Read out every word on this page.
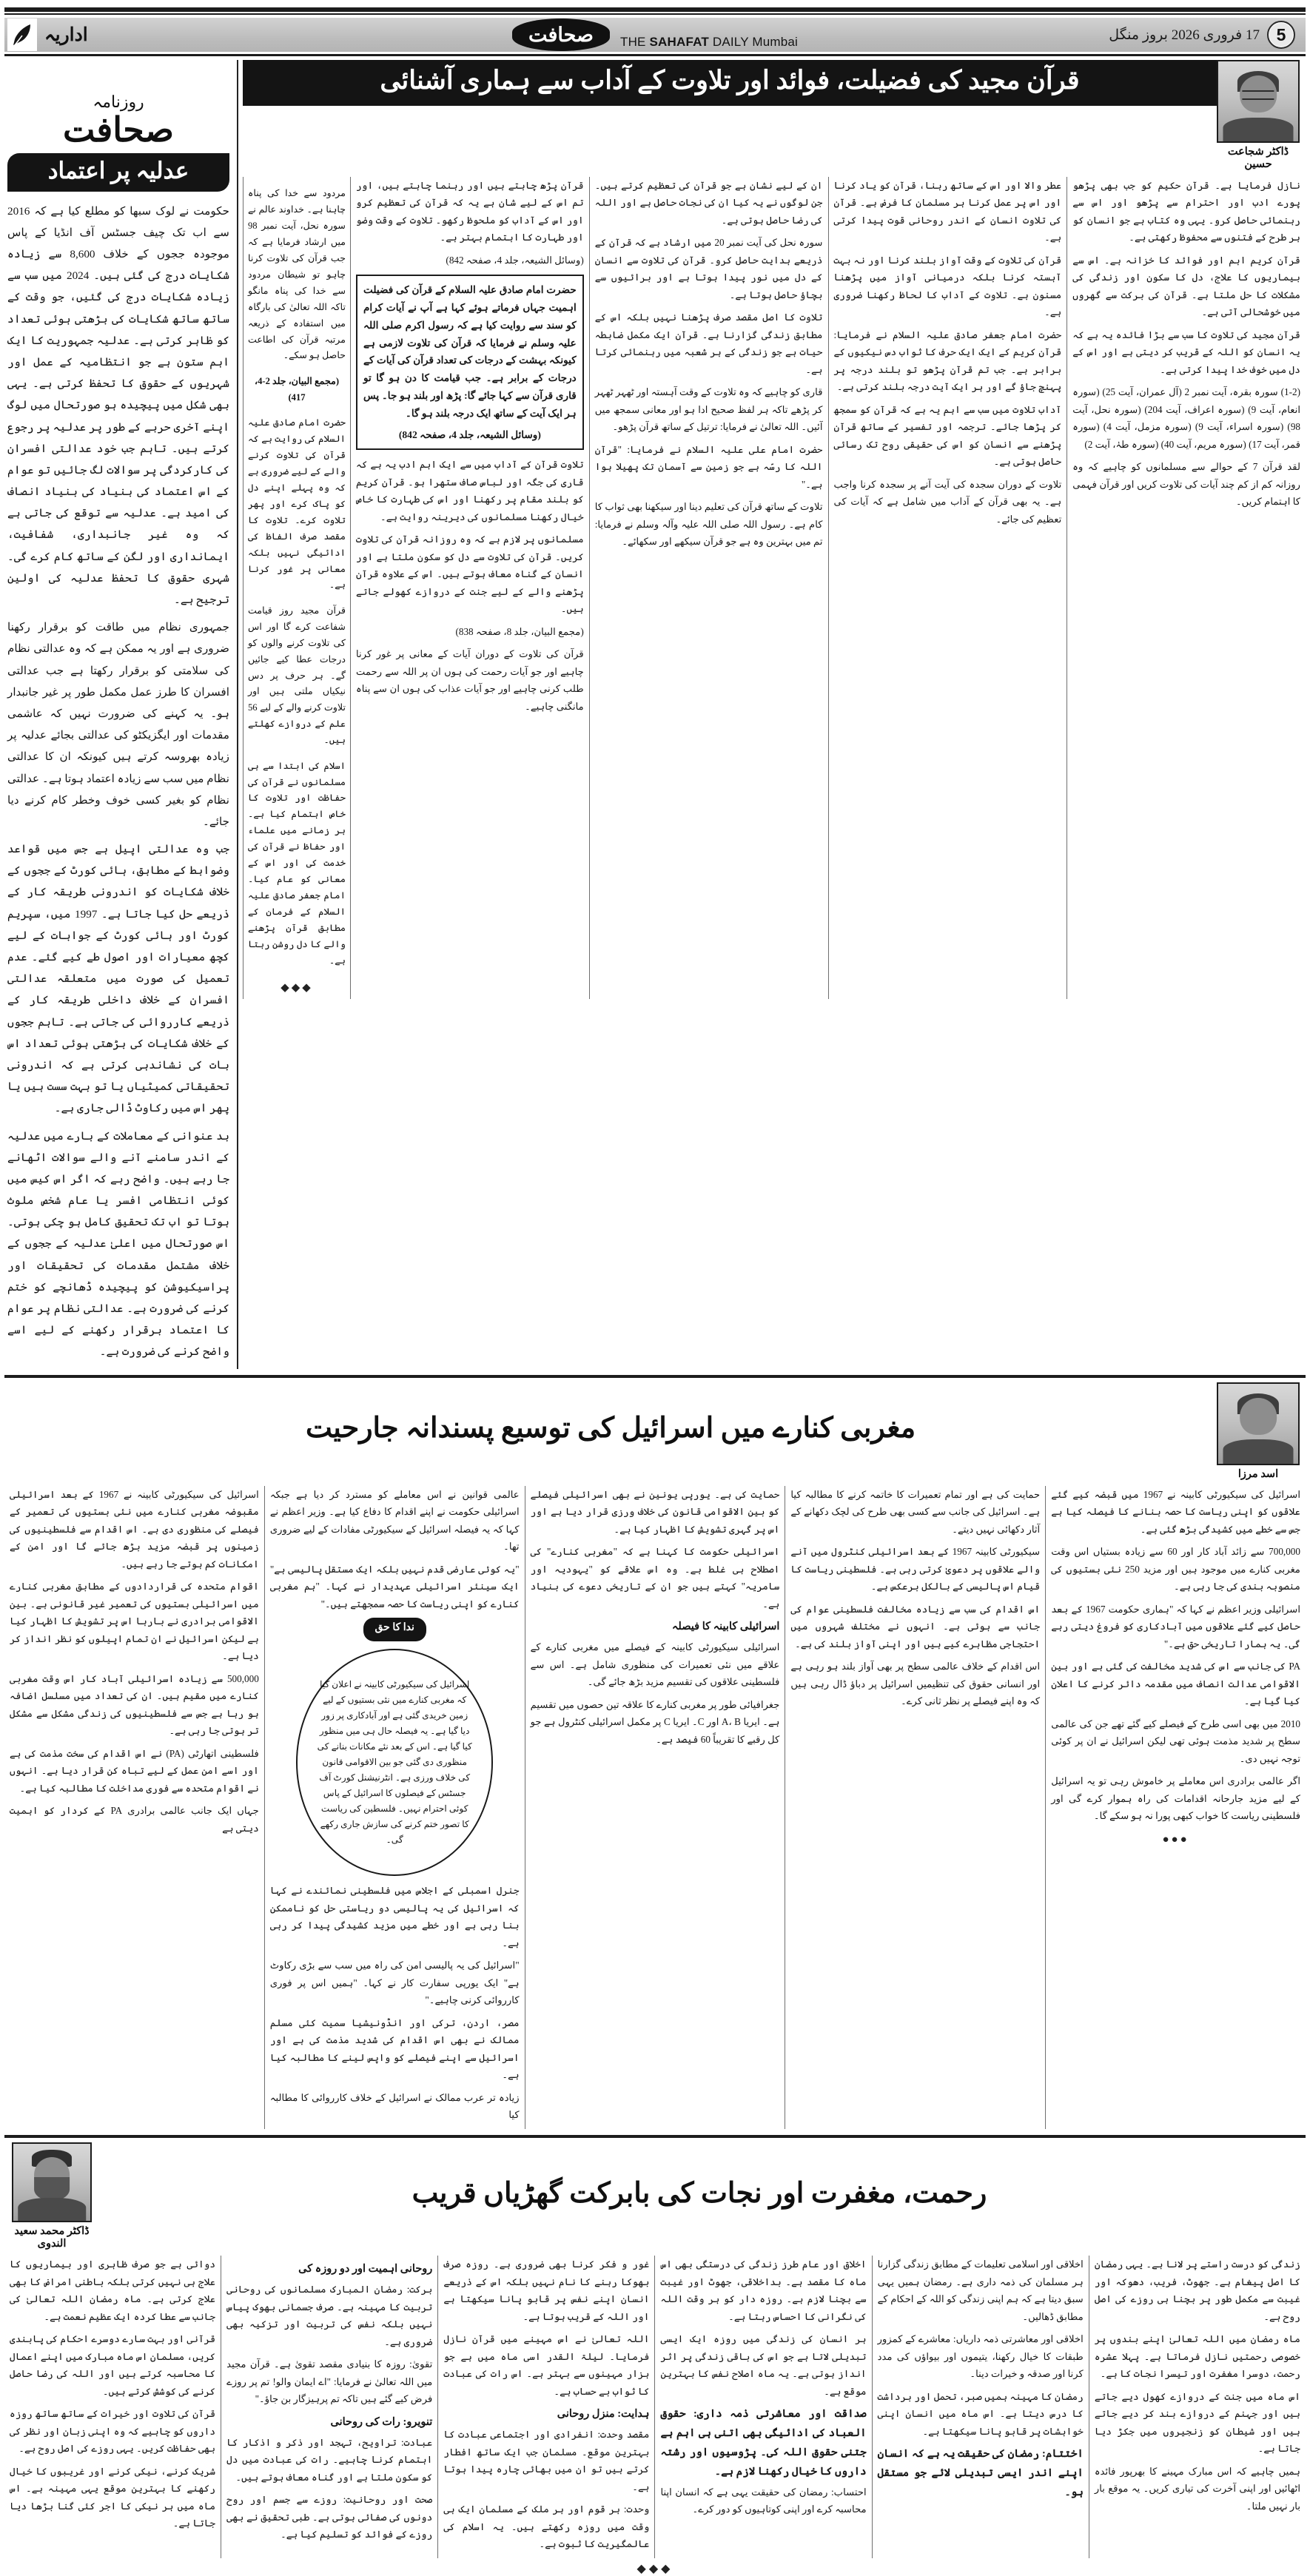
5
17 فروری 2026 بروز منگل
THE SAHAFAT DAILY Mumbai
صحافت
اداریہ
ڈاکٹر شجاعت حسین
قرآن مجید کی فضیلت، فوائد اور تلاوت کے آداب سے ہماری آشنائی

نازل فرمایا ہے۔ قرآن حکیم کو جب بھی پڑھو پورے ادب اور احترام سے پڑھو اور اس سے رہنمائی حاصل کرو۔ یہی وہ کتاب ہے جو انسان کو ہر طرح کے فتنوں سے محفوظ رکھتی ہے۔

قرآن کریم اہم اور فوائد کا خزانہ ہے۔ اس سے بیماریوں کا علاج، دل کا سکون اور زندگی کی مشکلات کا حل ملتا ہے۔ قرآن کی برکت سے گھروں میں خوشحالی آتی ہے۔

قرآن مجید کی تلاوت کا سب سے بڑا فائدہ یہ ہے کہ یہ انسان کو اللہ کے قریب کر دیتی ہے اور اس کے دل میں خوف خدا پیدا کرتی ہے۔

(1-2) سورہ بقرہ، آیت نمبر 2 (آل عمران، آیت 25) (سورہ انعام، آیت 9) (سورہ اعراف، آیت 204) (سورہ نحل، آیت 98) (سورہ اسراء، آیت 9) (سورہ مزمل، آیت 4) (سورہ قمر، آیت 17) (سورہ مریم، آیت 40) (سورہ طہٰ، آیت 2)

لقد قرآن 7 کے حوالے سے مسلمانوں کو چاہیے کہ وہ روزانہ کم از کم چند آیات کی تلاوت کریں اور قرآن فہمی کا اہتمام کریں۔

عطر والا اور اس کے ساتھ رہنا، قرآن کو یاد کرنا اور اس پر عمل کرنا ہر مسلمان کا فرض ہے۔ قرآن کی تلاوت انسان کے اندر روحانی قوت پیدا کرتی ہے۔

قرآن کی تلاوت کے وقت آواز بلند کرنا اور نہ بہت آہستہ کرنا بلکہ درمیانی آواز میں پڑھنا مسنون ہے۔ تلاوت کے آداب کا لحاظ رکھنا ضروری ہے۔

حضرت امام جعفر صادق علیہ السلام نے فرمایا: قرآن کریم کے ایک ایک حرف کا ثواب دس نیکیوں کے برابر ہے۔ جب تم قرآن پڑھو تو بلند درجہ پر پہنچ جاؤ گے اور ہر ایک آیت درجہ بلند کرتی ہے۔

آداب تلاوت میں سب سے اہم یہ ہے کہ قرآن کو سمجھ کر پڑھا جائے۔ ترجمہ اور تفسیر کے ساتھ قرآن پڑھنے سے انسان کو اس کی حقیقی روح تک رسائی حاصل ہوتی ہے۔

تلاوت کے دوران سجدہ کی آیت آنے پر سجدہ کرنا واجب ہے۔ یہ بھی قرآن کے آداب میں شامل ہے کہ آیات کی تعظیم کی جائے۔

ان کے لیے نشان ہے جو قرآن کی تعظیم کرتے ہیں۔ جن لوگوں نے یہ کیا ان کی نجات حاصل ہے اور اللہ کی رضا حاصل ہوتی ہے۔

سورہ نحل کی آیت نمبر 20 میں ارشاد ہے کہ قرآن کے ذریعے ہدایت حاصل کرو۔ قرآن کی تلاوت سے انسان کے دل میں نور پیدا ہوتا ہے اور برائیوں سے بچاؤ حاصل ہوتا ہے۔

تلاوت کا اصل مقصد صرف پڑھنا نہیں بلکہ اس کے مطابق زندگی گزارنا ہے۔ قرآن ایک مکمل ضابطہ حیات ہے جو زندگی کے ہر شعبہ میں رہنمائی کرتا ہے۔

قاری کو چاہیے کہ وہ تلاوت کے وقت آہستہ اور ٹھہر ٹھہر کر پڑھے تاکہ ہر لفظ صحیح ادا ہو اور معانی سمجھ میں آئیں۔ اللہ تعالیٰ نے فرمایا: ترتیل کے ساتھ قرآن پڑھو۔

حضرت امام علی علیہ السلام نے فرمایا: "قرآن اللہ کا رسّہ ہے جو زمین سے آسمان تک پھیلا ہوا ہے۔"

تلاوت کے ساتھ قرآن کی تعلیم دینا اور سیکھنا بھی ثواب کا کام ہے۔ رسول اللہ صلی اللہ علیہ وآلہ وسلم نے فرمایا: تم میں بہترین وہ ہے جو قرآن سیکھے اور سکھائے۔

قرآن پڑھ چاہتے ہیں اور رہنما چاہتے ہیں، اور تم اس کے لیے شان ہے یہ کہ قرآن کی تعظیم کرو اور اس کے آداب کو ملحوظ رکھو۔ تلاوت کے وقت وضو اور طہارت کا اہتمام بہتر ہے۔

(وسائل الشیعہ، جلد 4، صفحہ 842)

حضرت امام صادق علیہ السلام کے قرآن کی فضیلت اہمیت جہاں فرماتے ہوئے کہا ہے آپ نے آیات کرام کو سند سے روایت کیا ہے کہ رسول اکرم صلی اللہ علیہ وسلم نے فرمایا کہ قرآن کی تلاوت لازمی ہے کیونکہ بہشت کے درجات کی تعداد قرآن کی آیات کے درجات کے برابر ہے۔ جب قیامت کا دن ہو گا تو قاری قرآن سے کہا جائے گا: پڑھ اور بلند ہو جا۔ پس ہر ایک آیت کے ساتھ ایک درجہ بلند ہو گا۔
(وسائل الشیعہ، جلد 4، صفحہ 842)

تلاوت قرآن کے آداب میں سے ایک اہم ادب یہ ہے کہ قاری کی جگہ اور لباس صاف ستھرا ہو۔ قرآن کریم کو بلند مقام پر رکھنا اور اس کی طہارت کا خاص خیال رکھنا مسلمانوں کی دیرینہ روایت ہے۔

مسلمانوں پر لازم ہے کہ وہ روزانہ قرآن کی تلاوت کریں۔ قرآن کی تلاوت سے دل کو سکون ملتا ہے اور انسان کے گناہ معاف ہوتے ہیں۔ اس کے علاوہ قرآن پڑھنے والے کے لیے جنت کے دروازے کھولے جاتے ہیں۔

(مجمع البیان، جلد 8، صفحہ 838)

قرآن کی تلاوت کے دوران آیات کے معانی پر غور کرنا چاہیے اور جو آیات رحمت کی ہوں ان پر اللہ سے رحمت طلب کرنی چاہیے اور جو آیات عذاب کی ہوں ان سے پناہ مانگنی چاہیے۔

مردود سے خدا کی پناہ چاہنا ہے۔ خداوند عالم نے سورہ نحل، آیت نمبر 98 میں ارشاد فرمایا ہے کہ جب قرآن کی تلاوت کرنا چاہو تو شیطان مردود سے خدا کی پناہ مانگو تاکہ اللہ تعالیٰ کی بارگاہ میں استفادہ کے ذریعہ مرتبہ قرآن کی اطاعت حاصل ہو سکے۔

(مجمع البیان، جلد 2-4، 417)

حضرت امام صادق علیہ السلام کی روایت ہے کہ قرآن کی تلاوت کرنے والے کے لیے ضروری ہے کہ وہ پہلے اپنے دل کو پاک کرے اور پھر تلاوت کرے۔ تلاوت کا مقصد صرف الفاظ کی ادائیگی نہیں بلکہ معانی پر غور کرنا ہے۔

قرآن مجید روز قیامت شفاعت کرے گا اور اس کی تلاوت کرنے والوں کو درجات عطا کیے جائیں گے۔ ہر حرف پر دس نیکیاں ملتی ہیں اور تلاوت کرنے والے کے لیے 56 علم کے دروازے کھلتے ہیں۔

اسلام کی ابتدا سے ہی مسلمانوں نے قرآن کی حفاظت اور تلاوت کا خاص اہتمام کیا ہے۔ ہر زمانے میں علماء اور حفاظ نے قرآن کی خدمت کی اور اس کے معانی کو عام کیا۔ امام جعفر صادق علیہ السلام کے فرمان کے مطابق قرآن پڑھنے والے کا دل روشن رہتا ہے۔

◆◆◆
روزنامہ
صحافت
عدلیہ پر اعتماد

حکومت نے لوک سبھا کو مطلع کیا ہے کہ 2016 سے اب تک چیف جسٹس آف انڈیا کے پاس موجودہ ججوں کے خلاف 8,600 سے زیادہ شکایات درج کی گئی ہیں۔ 2024 میں سب سے زیادہ شکایات درج کی گئیں، جو وقت کے ساتھ ساتھ شکایات کی بڑھتی ہوئی تعداد کو ظاہر کرتی ہے۔ عدلیہ جمہوریت کا ایک اہم ستون ہے جو انتظامیہ کے عمل اور شہریوں کے حقوق کا تحفظ کرتی ہے۔ یہی بھی شکل میں پیچیدہ ہو صورتحال میں لوگ اپنے آخری حربے کے طور پر عدلیہ پر رجوع کرتے ہیں۔ تاہم جب خود عدالتی افسران کی کارکردگی پر سوالات لگ جائیں تو عوام کے اس اعتماد کی بنیاد کی بنیاد انصاف کی امید ہے۔ عدلیہ سے توقع کی جاتی ہے کہ وہ غیر جانبداری، شفافیت، ایمانداری اور لگن کے ساتھ کام کرے گی۔ شہری حقوق کا تحفظ عدلیہ کی اولین ترجیح ہے۔

جمہوری نظام میں طاقت کو برقرار رکھنا ضروری ہے اور یہ ممکن ہے کہ وہ عدالتی نظام کی سلامتی کو برقرار رکھتا ہے جب عدالتی افسران کا طرز عمل مکمل طور پر غیر جانبدار ہو۔ یہ کہنے کی ضرورت نہیں کہ عاشمی مقدمات اور ایگزیکٹو کی عدالتی بجائے عدلیہ پر زیادہ بھروسہ کرتے ہیں کیونکہ ان کا عدالتی نظام میں سب سے زیادہ اعتماد ہوتا ہے۔ عدالتی نظام کو بغیر کسی خوف وخطر کام کرنے دیا جائے۔

جب وہ عدالتی اپیل ہے جس میں قواعد وضوابط کے مطابق، ہائی کورٹ کے ججوں کے خلاف شکایات کو اندرونی طریقہ کار کے ذریعے حل کیا جاتا ہے۔ 1997 میں، سپریم کورٹ اور ہائی کورٹ کے جوابات کے لیے کچھ معیارات اور اصول طے کیے گئے۔ عدم تعمیل کی صورت میں متعلقہ عدالتی افسران کے خلاف داخلی طریقہ کار کے ذریعے کارروائی کی جاتی ہے۔ تاہم ججوں کے خلاف شکایات کی بڑھتی ہوئی تعداد اس بات کی نشاندہی کرتی ہے کہ اندرونی تحقیقاتی کمیٹیاں یا تو بہت سست ہیں یا پھر اس میں رکاوٹ ڈالی جاری ہے۔

بد عنوانی کے معاملات کے بارے میں عدلیہ کے اندر سامنے آنے والے سوالات اٹھانے جا رہے ہیں۔ واضح رہے کہ اگر اس کیس میں کوئی انتظامی افسر یا عام شخص ملوث ہوتا تو اب تک تحقیق کامل ہو چکی ہوتی۔ اس صورتحال میں اعلیٰ عدلیہ کے ججوں کے خلاف مشتمل مقدمات کی تحقیقات اور پراسیکیوشن کو پیچیدہ ڈھانچے کو ختم کرنے کی ضرورت ہے۔ عدالتی نظام پر عوام کا اعتماد برقرار رکھنے کے لیے اسے واضح کرنے کی ضرورت ہے۔

اسد مرزا
مغربی کنارے میں اسرائیل کی توسیع پسندانہ جارحیت

اسرائیل کی سیکیورٹی کابینہ نے 1967 میں قبضہ کیے گئے علاقوں کو اپنی ریاست کا حصہ بنانے کا فیصلہ کیا ہے جس سے خطے میں کشیدگی بڑھ گئی ہے۔

700,000 سے زائد آباد کار اور 60 سے زیادہ بستیاں اس وقت مغربی کنارے میں موجود ہیں اور مزید 250 نئی بستیوں کی منصوبہ بندی کی جا رہی ہے۔

اسرائیلی وزیر اعظم نے کہا کہ "ہماری حکومت 1967 کے بعد حاصل کیے گئے علاقوں میں آبادکاری کو فروغ دیتی رہے گی۔ یہ ہمارا تاریخی حق ہے۔"

PA کی جانب سے اس کی شدید مخالفت کی گئی ہے اور بین الاقوامی عدالت انصاف میں مقدمہ دائر کرنے کا اعلان کیا گیا ہے۔

2010 میں بھی اسی طرح کے فیصلے کیے گئے تھے جن کی عالمی سطح پر شدید مذمت ہوئی تھی لیکن اسرائیل نے ان پر کوئی توجہ نہیں دی۔

اگر عالمی برادری اس معاملے پر خاموش رہی تو یہ اسرائیل کے لیے مزید جارحانہ اقدامات کی راہ ہموار کرے گی اور فلسطینی ریاست کا خواب کبھی پورا نہ ہو سکے گا۔

●●●

حمایت کی ہے اور تمام تعمیرات کا خاتمہ کرنے کا مطالبہ کیا ہے۔ اسرائیل کی جانب سے کسی بھی طرح کی لچک دکھانے کے آثار دکھائی نہیں دیتے۔

سیکیورٹی کابینہ 1967 کے بعد اسرائیلی کنٹرول میں آنے والے علاقوں پر دعویٰ کرتی رہی ہے۔ فلسطینی ریاست کا قیام اس پالیسی کے بالکل برعکس ہے۔

اس اقدام کی سب سے زیادہ مخالفت فلسطینی عوام کی جانب سے ہوئی ہے۔ انہوں نے مختلف شہروں میں احتجاجی مظاہرے کیے ہیں اور اپنی آواز بلند کی ہے۔

اس اقدام کے خلاف عالمی سطح پر بھی آواز بلند ہو رہی ہے اور انسانی حقوق کی تنظیمیں اسرائیل پر دباؤ ڈال رہی ہیں کہ وہ اپنے فیصلے پر نظر ثانی کرے۔

حمایت کی ہے۔ یورپی یونین نے بھی اسرائیلی فیصلے کو بین الاقوامی قانون کی خلاف ورزی قرار دیا ہے اور اس پر گہری تشویش کا اظہار کیا ہے۔

اسرائیلی حکومت کا کہنا ہے کہ "مغربی کنارے" کی اصطلاح ہی غلط ہے۔ وہ اس علاقے کو "یہودیہ اور سامریہ" کہتے ہیں جو ان کے تاریخی دعوے کی بنیاد ہے۔

اسرائیلی کابینہ کا فیصلہ

اسرائیلی سیکیورٹی کابینہ کے فیصلے میں مغربی کنارے کے علاقے میں نئی تعمیرات کی منظوری شامل ہے۔ اس سے فلسطینی علاقوں کی تقسیم مزید بڑھ جائے گی۔

جغرافیائی طور پر مغربی کنارے کا علاقہ تین حصوں میں تقسیم ہے۔ ایریا A، B اور C۔ ایریا C پر مکمل اسرائیلی کنٹرول ہے جو کل رقبے کا تقریباً 60 فیصد ہے۔

عالمی قوانین نے اس معاملے کو مسترد کر دیا ہے جبکہ اسرائیلی حکومت نے اپنے اقدام کا دفاع کیا ہے۔ وزیر اعظم نے کہا کہ یہ فیصلہ اسرائیل کے سیکیورٹی مفادات کے لیے ضروری تھا۔

"یہ کوئی عارضی قدم نہیں بلکہ ایک مستقل پالیسی ہے" ایک سینئر اسرائیلی عہدیدار نے کہا۔ "ہم مغربی کنارے کو اپنی ریاست کا حصہ سمجھتے ہیں۔"

ندا کا حق
اسرائیل کی سیکیورٹی کابینہ نے اعلان کیا کہ مغربی کنارے میں نئی بستیوں کے لیے زمین خریدی گئی ہے اور آبادکاری پر زور دیا گیا ہے۔ یہ فیصلہ حال ہی میں منظور کیا گیا ہے۔ اس کے بعد نئے مکانات بنانے کی منظوری دی گئی جو بین الاقوامی قانون کی خلاف ورزی ہے۔ انٹرنیشنل کورٹ آف جسٹس کے فیصلوں کا اسرائیل کے پاس کوئی احترام نہیں۔ فلسطین کی ریاست کا تصور ختم کرنے کی سازش جاری رکھے گی۔

جنرل اسمبلی کے اجلاس میں فلسطینی نمائندے نے کہا کہ اسرائیل کی یہ پالیسی دو ریاستی حل کو ناممکن بنا رہی ہے اور خطے میں مزید کشیدگی پیدا کر رہی ہے۔

"اسرائیل کی یہ پالیسی امن کی راہ میں سب سے بڑی رکاوٹ ہے" ایک یورپی سفارت کار نے کہا۔ "ہمیں اس پر فوری کارروائی کرنی چاہیے۔"

مصر، اردن، ترکی اور انڈونیشیا سمیت کئی مسلم ممالک نے بھی اس اقدام کی شدید مذمت کی ہے اور اسرائیل سے اپنے فیصلے کو واپس لینے کا مطالبہ کیا ہے۔

زیادہ تر عرب ممالک نے اسرائیل کے خلاف کارروائی کا مطالبہ کیا

اسرائیل کی سیکیورٹی کابینہ نے 1967 کے بعد اسرائیلی مقبوضہ مغربی کنارے میں نئی بستیوں کی تعمیر کے فیصلے کی منظوری دی ہے۔ اس اقدام سے فلسطینیوں کی زمینوں پر قبضہ مزید بڑھ جائے گا اور امن کے امکانات کم ہوتے جا رہے ہیں۔

اقوام متحدہ کی قراردادوں کے مطابق مغربی کنارے میں اسرائیلی بستیوں کی تعمیر غیر قانونی ہے۔ بین الاقوامی برادری نے بارہا اس پر تشویش کا اظہار کیا ہے لیکن اسرائیل نے ان تمام اپیلوں کو نظر انداز کر دیا ہے۔

500,000 سے زیادہ اسرائیلی آباد کار اس وقت مغربی کنارے میں مقیم ہیں۔ ان کی تعداد میں مسلسل اضافہ ہو رہا ہے جس سے فلسطینیوں کی زندگی مشکل سے مشکل تر ہوتی جا رہی ہے۔

فلسطینی اتھارٹی (PA) نے اس اقدام کی سخت مذمت کی ہے اور اسے امن عمل کے لیے تباہ کن قرار دیا ہے۔ انہوں نے اقوام متحدہ سے فوری مداخلت کا مطالبہ کیا ہے۔

جہاں ایک جانب عالمی برادری PA کے کردار کو اہمیت دیتی ہے

ڈاکٹر محمد سعید الندوی
رحمت، مغفرت اور نجات کی بابرکت گھڑیاں قریب

زندگی کو درست راستے پر لانا ہے۔ یہی رمضان کا اصل پیغام ہے۔ جھوٹ، فریب، دھوکہ اور غیبت سے مکمل طور پر بچنا ہی روزے کی اصل روح ہے۔

ماہ رمضان میں اللہ تعالیٰ اپنے بندوں پر خصوصی رحمتیں نازل فرماتا ہے۔ پہلا عشرہ رحمت، دوسرا مغفرت اور تیسرا نجات کا ہے۔

اس ماہ میں جنت کے دروازے کھول دیے جاتے ہیں اور جہنم کے دروازے بند کر دیے جاتے ہیں اور شیطان کو زنجیروں میں جکڑ دیا جاتا ہے۔

ہمیں چاہیے کہ اس مبارک مہینے کا بھرپور فائدہ اٹھائیں اور اپنی آخرت کی تیاری کریں۔ یہ موقع بار بار نہیں ملتا۔

اخلاقی اور اسلامی تعلیمات کے مطابق زندگی گزارنا ہر مسلمان کی ذمہ داری ہے۔ رمضان ہمیں یہی سبق دیتا ہے کہ ہم اپنی زندگی کو اللہ کے احکام کے مطابق ڈھالیں۔

اخلاقی اور معاشرتی ذمہ داریاں: معاشرے کے کمزور طبقات کا خیال رکھنا، یتیموں اور بیواؤں کی مدد کرنا اور صدقہ و خیرات دینا۔

رمضان کا مہینہ ہمیں صبر، تحمل اور برداشت کا درس دیتا ہے۔ اس ماہ میں انسان اپنی خواہشات پر قابو پانا سیکھتا ہے۔

اختتام: رمضان کی حقیقت یہ ہے کہ انسان اپنے اندر ایسی تبدیلی لائے جو مستقل ہو۔

اخلاق اور عام طرز زندگی کی درستگی بھی اس ماہ کا مقصد ہے۔ بداخلاقی، جھوٹ اور غیبت سے بچنا لازم ہے۔ روزہ دار کو ہر وقت اللہ کی نگرانی کا احساس رہتا ہے۔

ہر انسان کی زندگی میں روزہ ایک ایسی تبدیلی لاتا ہے جو اس کی باقی زندگی پر اثر انداز ہوتی ہے۔ یہ ماہ اصلاح نفس کا بہترین موقع ہے۔

صداقت اور معاشرتی ذمہ داری: حقوق العباد کی ادائیگی بھی اتنی ہی اہم ہے جتنی حقوق اللہ کی۔ پڑوسیوں اور رشتہ داروں کا خیال رکھنا لازم ہے۔

احتساب: رمضان کی حقیقت یہی ہے کہ انسان اپنا محاسبہ کرے اور اپنی کوتاہیوں کو دور کرے۔

غور و فکر کرنا بھی ضروری ہے۔ روزہ صرف بھوکا رہنے کا نام نہیں بلکہ اس کے ذریعے انسان اپنے نفس پر قابو پانا سیکھتا ہے اور اللہ کے قریب ہوتا ہے۔

اللہ تعالیٰ نے اس مہینے میں قرآن نازل فرمایا۔ لیلۃ القدر اسی ماہ میں ہے جو ہزار مہینوں سے بہتر ہے۔ اس رات کی عبادت کا ثواب بے حساب ہے۔

ہدایت: منزل روحانی

مقصد وحدت: انفرادی اور اجتماعی عبادت کا بہترین موقع۔ مسلمان جب ایک ساتھ افطار کرتے ہیں تو ان میں بھائی چارہ پیدا ہوتا ہے۔

وحدت: ہر قوم اور ہر ملک کے مسلمان ایک ہی وقت میں روزہ رکھتے ہیں۔ یہ اسلام کی عالمگیریت کا ثبوت ہے۔

روحانی اہمیت اور دو روزہ کی

برکت: رمضان المبارک مسلمانوں کی روحانی تربیت کا مہینہ ہے۔ صرف جسمانی بھوک پیاس نہیں بلکہ نفس کی تربیت اور تزکیہ بھی ضروری ہے۔

تقویٰ: روزہ کا بنیادی مقصد تقویٰ ہے۔ قرآن مجید میں اللہ تعالیٰ نے فرمایا: "اے ایمان والو! تم پر روزے فرض کیے گئے ہیں تاکہ تم پرہیزگار بن جاؤ۔"

تنویرو: رات کی روحانی

عبادت: تراویح، تہجد اور ذکر و اذکار کا اہتمام کرنا چاہیے۔ رات کی عبادت میں دل کو سکون ملتا ہے اور گناہ معاف ہوتے ہیں۔

صحت اور روحانیت: روزے سے جسم اور روح دونوں کی صفائی ہوتی ہے۔ طبی تحقیق نے بھی روزے کے فوائد کو تسلیم کیا ہے۔

دوائی ہے جو صرف ظاہری اور بیماریوں کا علاج ہی نہیں کرتی بلکہ باطنی امراض کا بھی علاج کرتی ہے۔ ماہ رمضان اللہ تعالیٰ کی جانب سے عطا کردہ ایک عظیم نعمت ہے۔

قرآنی اور بہت سارے دوسرے احکام کی پابندی کریں، مسلمان اس ماہ مبارک میں اپنے اعمال کا محاسبہ کرتے ہیں اور اللہ کی رضا حاصل کرنے کی کوشش کرتے ہیں۔

قرآن کی تلاوت اور خیرات کے ساتھ ساتھ روزہ داروں کو چاہیے کہ وہ اپنی زبان اور نظر کی بھی حفاظت کریں۔ یہی روزے کی اصل روح ہے۔

شریک کرنے، نیکی کرنے اور غریبوں کا خیال رکھنے کا بہترین موقع یہی مہینہ ہے۔ اس ماہ میں ہر نیکی کا اجر کئی گنا بڑھا دیا جاتا ہے۔

◆◆◆
